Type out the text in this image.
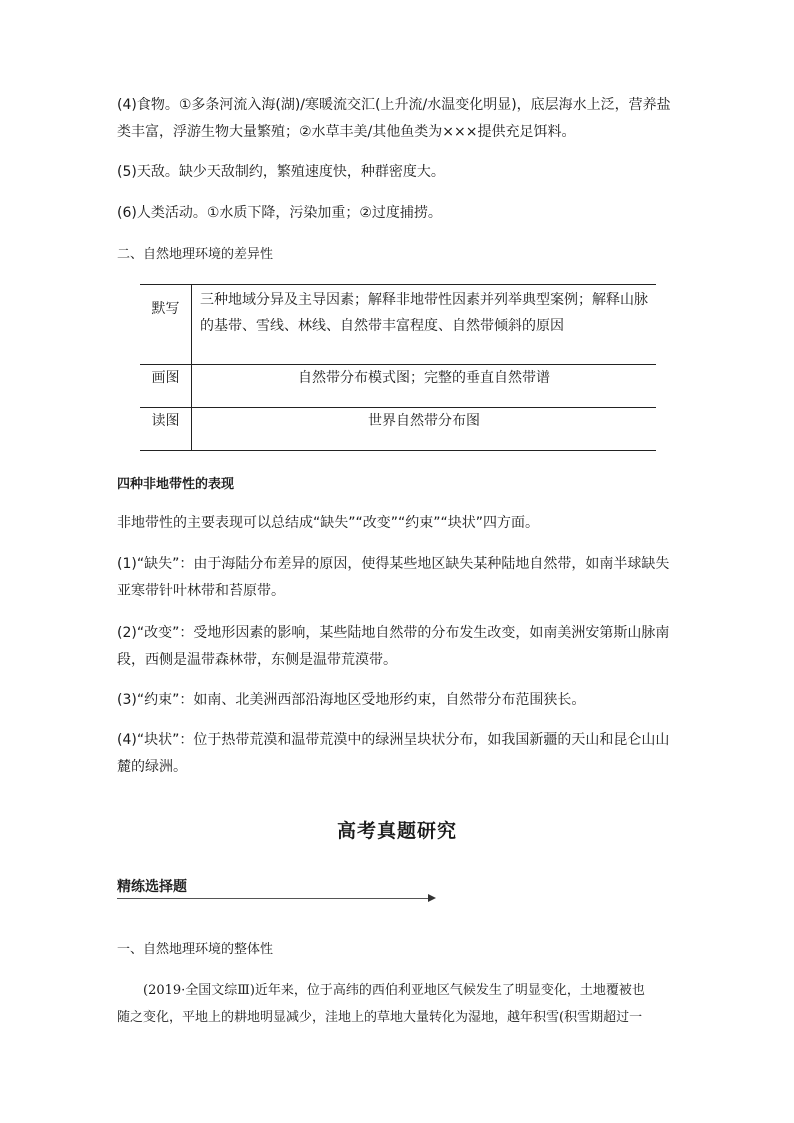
(4)食物。①多条河流入海(湖)/寒暖流交汇(上升流/水温变化明显)，底层海水上泛，营养盐类丰富，浮游生物大量繁殖；②水草丰美/其他鱼类为×××提供充足饵料。

(5)天敌。缺少天敌制约，繁殖速度快，种群密度大。

(6)人类活动。①水质下降，污染加重；②过度捕捞。

二、自然地理环境的差异性

默写	三种地域分异及主导因素；解释非地带性因素并列举典型案例；解释山脉的基带、雪线、林线、自然带丰富程度、自然带倾斜的原因
画图	自然带分布模式图；完整的垂直自然带谱
读图	世界自然带分布图

四种非地带性的表现

非地带性的主要表现可以总结成“缺失”“改变”“约束”“块状”四方面。

(1)“缺失”：由于海陆分布差异的原因，使得某些地区缺失某种陆地自然带，如南半球缺失亚寒带针叶林带和苔原带。

(2)“改变”：受地形因素的影响，某些陆地自然带的分布发生改变，如南美洲安第斯山脉南段，西侧是温带森林带，东侧是温带荒漠带。

(3)“约束”：如南、北美洲西部沿海地区受地形约束，自然带分布范围狭长。

(4)“块状”：位于热带荒漠和温带荒漠中的绿洲呈块状分布，如我国新疆的天山和昆仑山山麓的绿洲。

高考真题研究
精练选择题

一、自然地理环境的整体性

(2019·全国文综Ⅲ)近年来，位于高纬的西伯利亚地区气候发生了明显变化，土地覆被也

随之变化，平地上的耕地明显减少，洼地上的草地大量转化为湿地，越年积雪(积雪期超过一
